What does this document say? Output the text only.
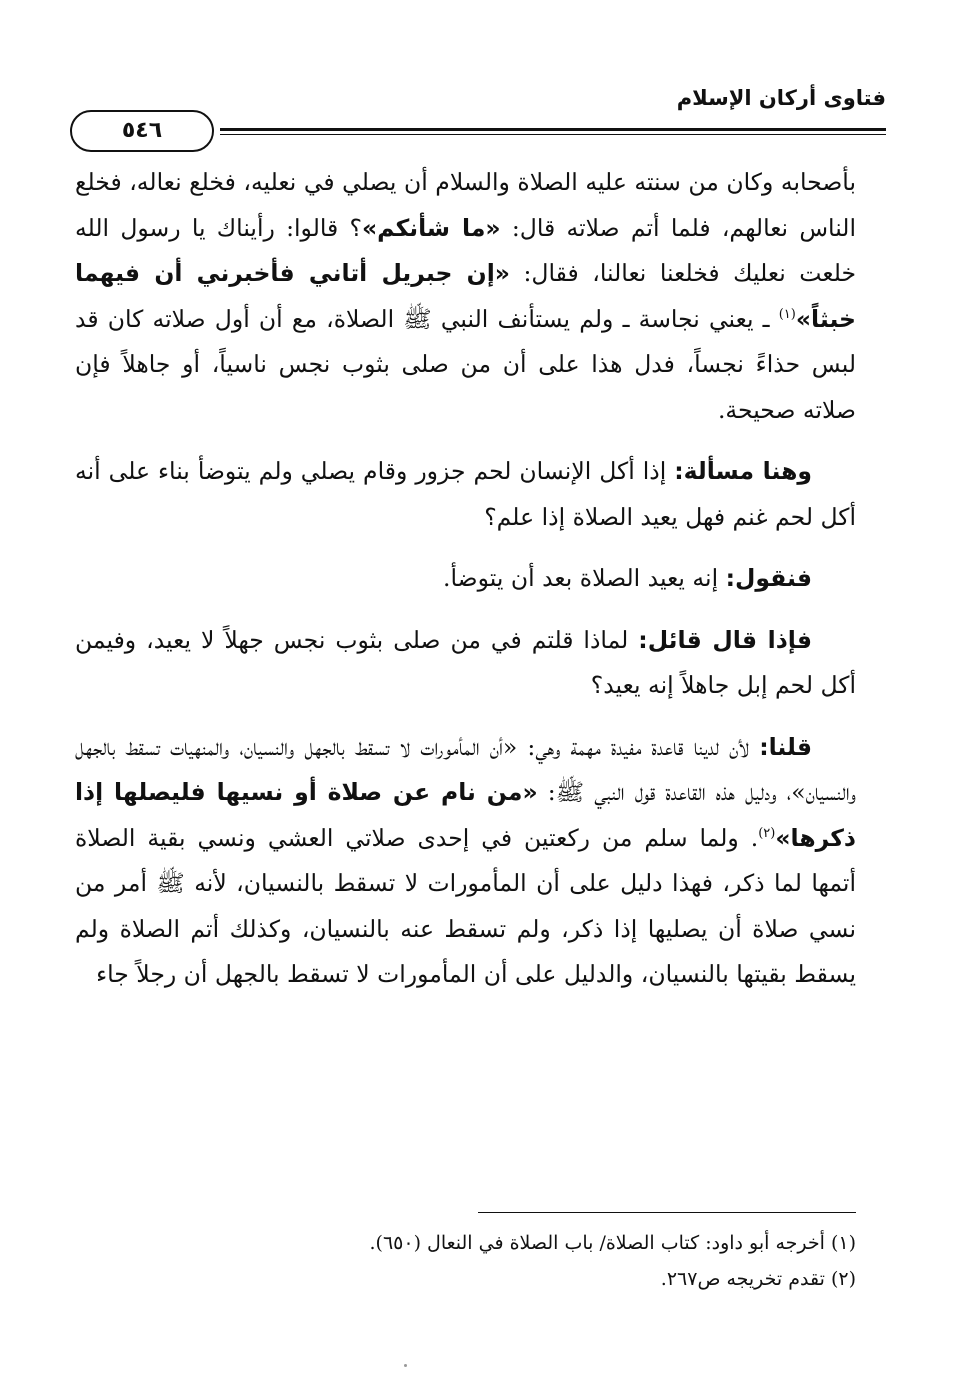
فتاوى أركان الإسلام
٥٤٦

بأصحابه وكان من سنته عليه الصلاة والسلام أن يصلي في نعليه، فخلع نعاله، فخلع الناس نعالهم، فلما أتم صلاته قال: «ما شأنكم»؟ قالوا: رأيناك يا رسول الله خلعت نعليك فخلعنا نعالنا، فقال: «إن جبريل أتاني فأخبرني أن فيهما خبثاً»$^{(١)}$ ـ يعني نجاسة ـ ولم يستأنف النبي ﷺ الصلاة، مع أن أول صلاته كان قد لبس حذاءً نجساً، فدل هذا على أن من صلى بثوب نجس ناسياً، أو جاهلاً فإن صلاته صحيحة.

وهنا مسألة: إذا أكل الإنسان لحم جزور وقام يصلي ولم يتوضأ بناء على أنه أكل لحم غنم فهل يعيد الصلاة إذا علم؟

فنقول: إنه يعيد الصلاة بعد أن يتوضأ.

فإذا قال قائل: لماذا قلتم في من صلى بثوب نجس جهلاً لا يعيد، وفيمن أكل لحم إبل جاهلاً إنه يعيد؟

قلنا: لأن لدينا قاعدة مفيدة مهمة وهي: «أن المأمورات لا تسقط بالجهل والنسيان، والمنهيات تسقط بالجهل والنسيان»، ودليل هذه القاعدة قول النبي ﷺ: «من نام عن صلاة أو نسيها فليصلها إذا ذكرها»$^{(٢)}$. ولما سلم من ركعتين في إحدى صلاتي العشي ونسي بقية الصلاة أتمها لما ذكر، فهذا دليل على أن المأمورات لا تسقط بالنسيان، لأنه ﷺ أمر من نسي صلاة أن يصليها إذا ذكر، ولم تسقط عنه بالنسيان، وكذلك أتم الصلاة ولم يسقط بقيتها بالنسيان، والدليل على أن المأمورات لا تسقط بالجهل أن رجلاً جاء

(١) أخرجه أبو داود: كتاب الصلاة/ باب الصلاة في النعال (٦٥٠).

(٢) تقدم تخريجه ص٢٦٧.
